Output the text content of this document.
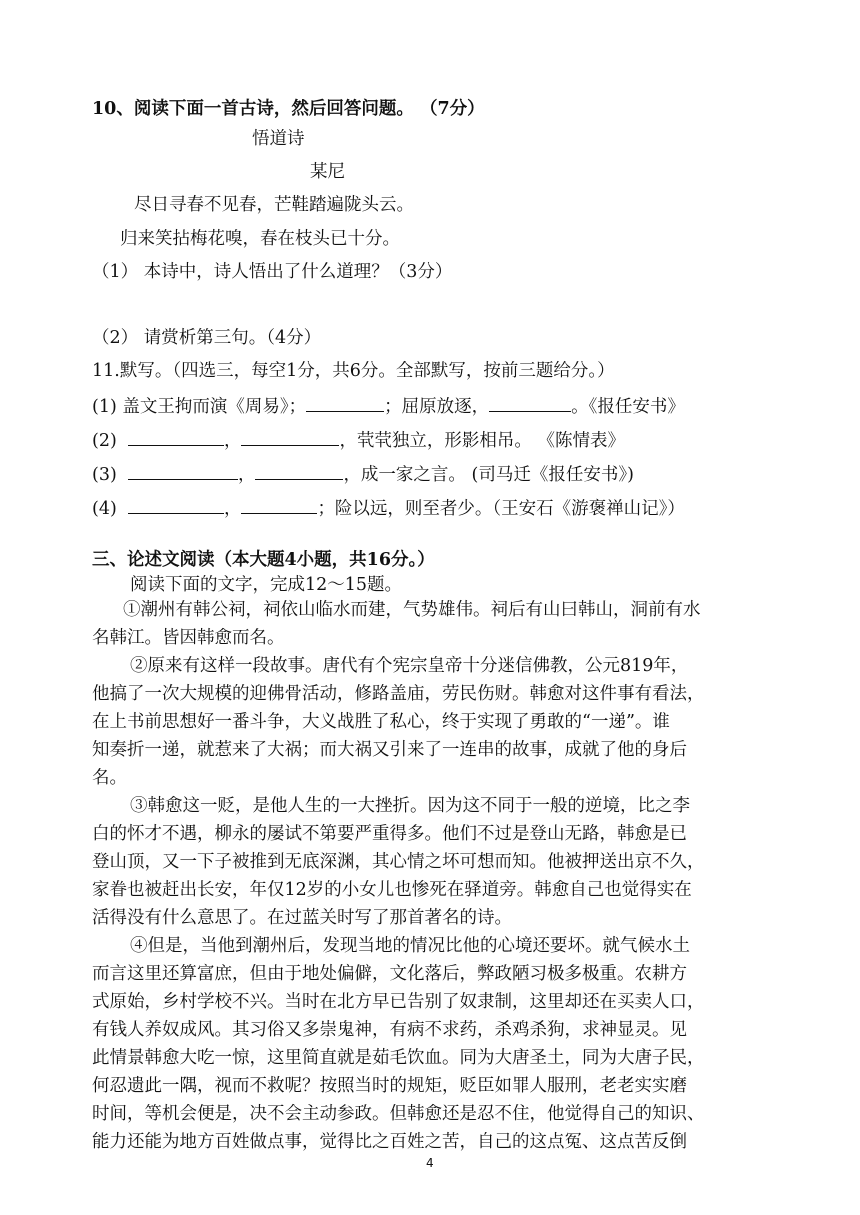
10、阅读下面一首古诗，然后回答问题。 （7分）
悟道诗
某尼
尽日寻春不见春，芒鞋踏遍陇头云。
归来笑拈梅花嗅，春在枝头已十分。
（1） 本诗中，诗人悟出了什么道理？（3分）
（2） 请赏析第三句。（4分）
11.默写。（四选三，每空1分，共6分。全部默写，按前三题给分。）
(1) 盖文王拘而演《周易》；	；屈原放逐，	。《报任安书》
(2)	，	，茕茕独立，形影相吊。 《陈情表》
(3)	，	，成一家之言。 (司马迁《报任安书》)
(4)	，	；险以远，则至者少。（王安石《游褒禅山记》）
三、论述文阅读（本大题4小题，共16分。）
阅读下面的文字，完成12～15题。
①潮州有韩公祠，祠依山临水而建，气势雄伟。祠后有山曰韩山，洞前有水
名韩江。皆因韩愈而名。
②原来有这样一段故事。唐代有个宪宗皇帝十分迷信佛教，公元819年，
他搞了一次大规模的迎佛骨活动，修路盖庙，劳民伤财。韩愈对这件事有看法，
在上书前思想好一番斗争，大义战胜了私心，终于实现了勇敢的“一递”。谁
知奏折一递，就惹来了大祸；而大祸又引来了一连串的故事，成就了他的身后
名。
③韩愈这一贬，是他人生的一大挫折。因为这不同于一般的逆境，比之李
白的怀才不遇，柳永的屡试不第要严重得多。他们不过是登山无路，韩愈是已
登山顶，又一下子被推到无底深渊，其心情之坏可想而知。他被押送出京不久，
家眷也被赶出长安，年仅12岁的小女儿也惨死在驿道旁。韩愈自己也觉得实在
活得没有什么意思了。在过蓝关时写了那首著名的诗。
④但是，当他到潮州后，发现当地的情况比他的心境还要坏。就气候水土
而言这里还算富庶，但由于地处偏僻，文化落后，弊政陋习极多极重。农耕方
式原始，乡村学校不兴。当时在北方早已告别了奴隶制，这里却还在买卖人口，
有钱人养奴成风。其习俗又多崇鬼神，有病不求药，杀鸡杀狗，求神显灵。见
此情景韩愈大吃一惊，这里简直就是茹毛饮血。同为大唐圣土，同为大唐子民，
何忍遗此一隅，视而不救呢？按照当时的规矩，贬臣如罪人服刑，老老实实磨
时间，等机会便是，决不会主动参政。但韩愈还是忍不住，他觉得自己的知识、
能力还能为地方百姓做点事，觉得比之百姓之苦，自己的这点冤、这点苦反倒
4
